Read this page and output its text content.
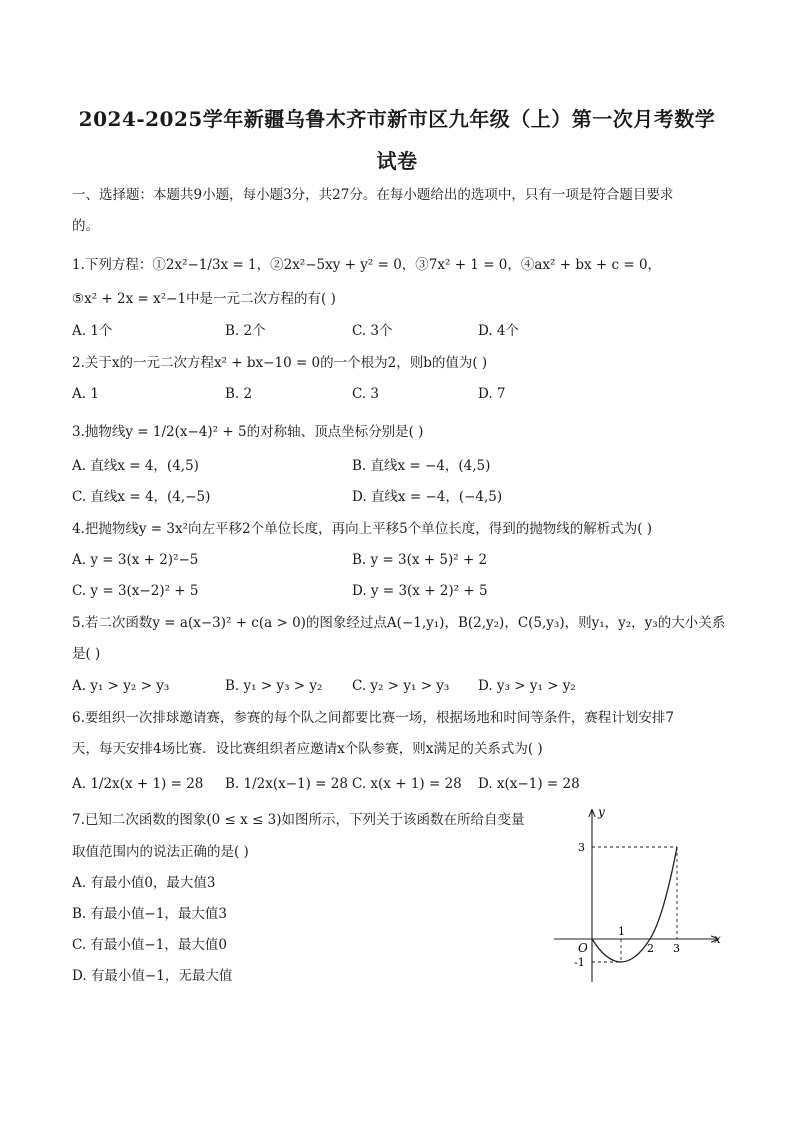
2024-2025学年新疆乌鲁木齐市新市区九年级（上）第一次月考数学
试卷
一、选择题：本题共9小题，每小题3分，共27分。在每小题给出的选项中，只有一项是符合题目要求
的。
1.下列方程：①2x²−1/3x = 1，②2x²−5xy + y² = 0，③7x² + 1 = 0，④ax² + bx + c = 0，
⑤x² + 2x = x²−1中是一元二次方程的有( )
A. 1个	B. 2个	C. 3个	D. 4个
2.关于x的一元二次方程x² + bx−10 = 0的一个根为2，则b的值为( )
A. 1	B. 2	C. 3	D. 7
3.抛物线y = 1/2(x−4)² + 5的对称轴、顶点坐标分别是( )
A. 直线x = 4，(4,5)	B. 直线x = −4，(4,5)
C. 直线x = 4，(4,−5)	D. 直线x = −4，(−4,5)
4.把抛物线y = 3x²向左平移2个单位长度，再向上平移5个单位长度，得到的抛物线的解析式为( )
A. y = 3(x + 2)²−5	B. y = 3(x + 5)² + 2
C. y = 3(x−2)² + 5	D. y = 3(x + 2)² + 5
5.若二次函数y = a(x−3)² + c(a > 0)的图象经过点A(−1,y₁)，B(2,y₂)，C(5,y₃)，则y₁，y₂，y₃的大小关系
是( )
A. y₁ > y₂ > y₃	B. y₁ > y₃ > y₂ C. y₂ > y₁ > y₃ D. y₃ > y₁ > y₂
6.要组织一次排球邀请赛，参赛的每个队之间都要比赛一场，根据场地和时间等条件，赛程计划安排7
天，每天安排4场比赛．设比赛组织者应邀请x个队参赛，则x满足的关系式为( )
A. 1/2x(x + 1) = 28 B. 1/2x(x−1) = 28 C. x(x + 1) = 28 D. x(x−1) = 28
7.已知二次函数的图象(0 ≤ x ≤ 3)如图所示，下列关于该函数在所给自变量
取值范围内的说法正确的是( )
A. 有最小值0，最大值3
B. 有最小值−1，最大值3
C. 有最小值−1，最大值0
D. 有最小值−1，无最大值
y
x
O
3
-1
1
2 3
